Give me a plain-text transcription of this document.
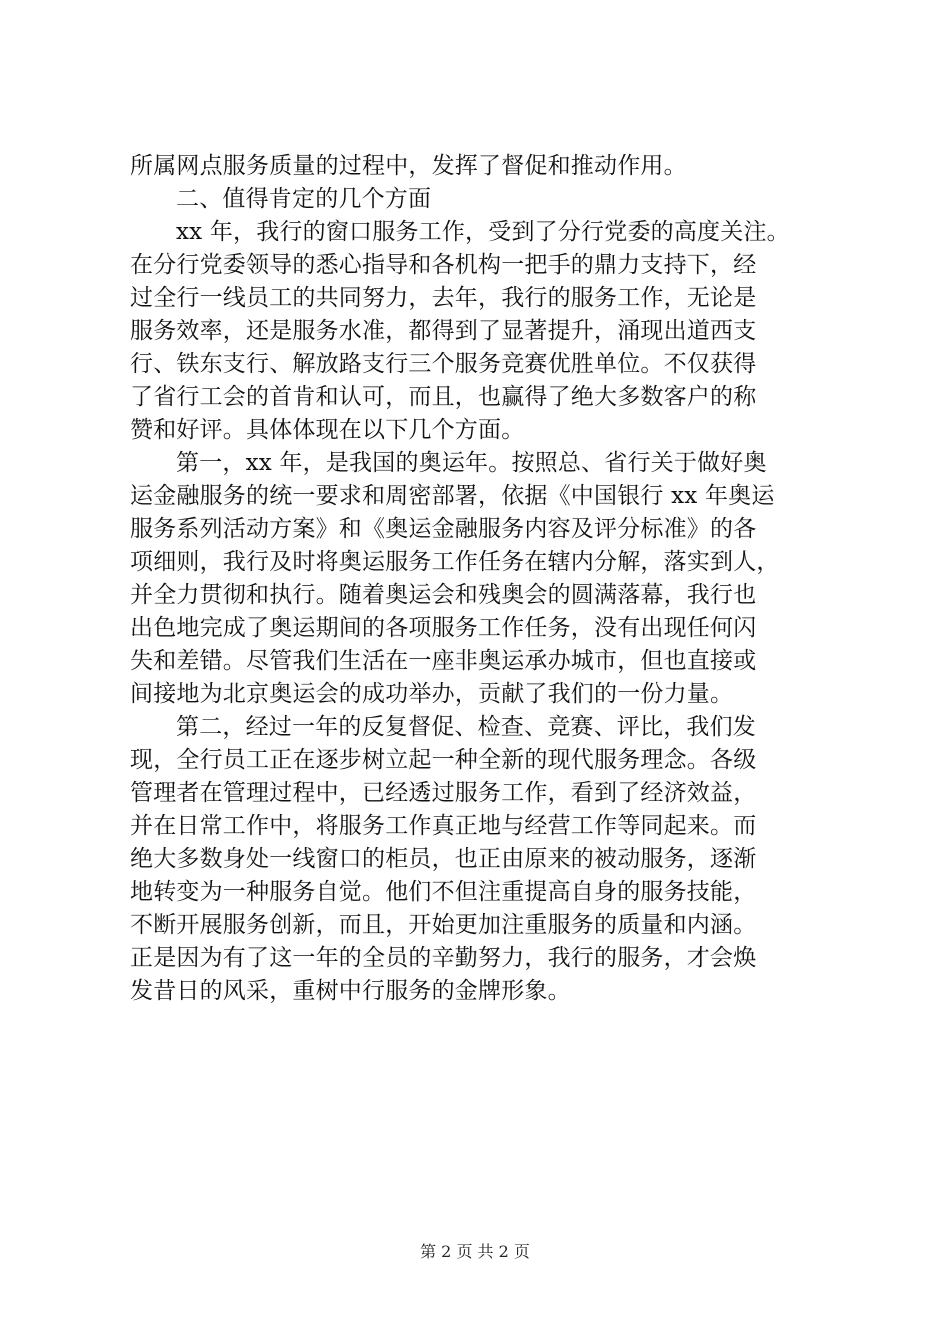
所属网点服务质量的过程中，发挥了督促和推动作用。
二、值得肯定的几个方面
xx 年，我行的窗口服务工作，受到了分行党委的高度关注。
在分行党委领导的悉心指导和各机构一把手的鼎力支持下，经
过全行一线员工的共同努力，去年，我行的服务工作，无论是
服务效率，还是服务水准，都得到了显著提升，涌现出道西支
行、铁东支行、解放路支行三个服务竞赛优胜单位。不仅获得
了省行工会的首肯和认可，而且，也赢得了绝大多数客户的称
赞和好评。具体体现在以下几个方面。
第一，xx 年，是我国的奥运年。按照总、省行关于做好奥
运金融服务的统一要求和周密部署，依据《中国银行 xx 年奥运
服务系列活动方案》和《奥运金融服务内容及评分标准》的各
项细则，我行及时将奥运服务工作任务在辖内分解，落实到人，
并全力贯彻和执行。随着奥运会和残奥会的圆满落幕，我行也
出色地完成了奥运期间的各项服务工作任务，没有出现任何闪
失和差错。尽管我们生活在一座非奥运承办城市，但也直接或
间接地为北京奥运会的成功举办，贡献了我们的一份力量。
第二，经过一年的反复督促、检查、竞赛、评比，我们发
现，全行员工正在逐步树立起一种全新的现代服务理念。各级
管理者在管理过程中，已经透过服务工作，看到了经济效益，
并在日常工作中，将服务工作真正地与经营工作等同起来。而
绝大多数身处一线窗口的柜员，也正由原来的被动服务，逐渐
地转变为一种服务自觉。他们不但注重提高自身的服务技能，
不断开展服务创新，而且，开始更加注重服务的质量和内涵。
正是因为有了这一年的全员的辛勤努力，我行的服务，才会焕
发昔日的风采，重树中行服务的金牌形象。
第 2 页 共 2 页
